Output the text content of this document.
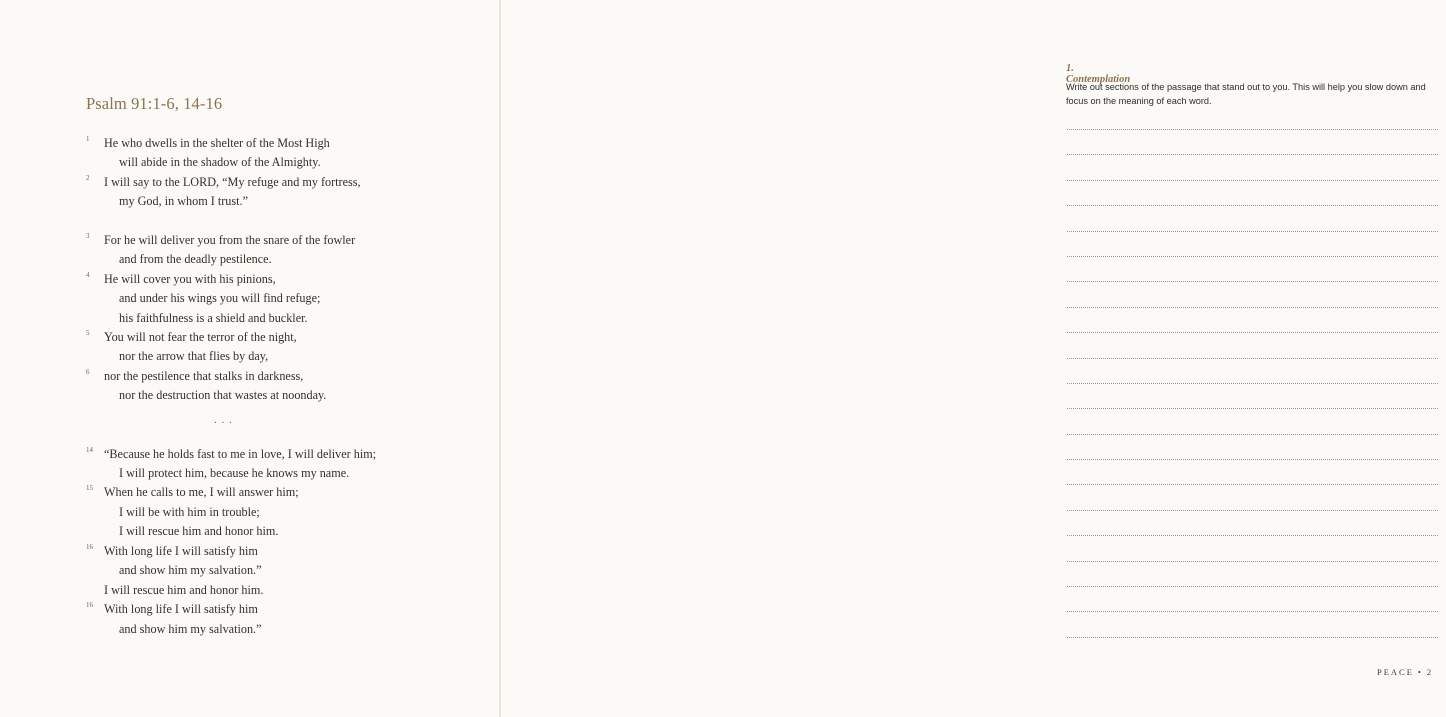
Psalm 91:1-6, 14-16
1 He who dwells in the shelter of the Most High
will abide in the shadow of the Almighty.
2 I will say to the LORD, “My refuge and my fortress,
my God, in whom I trust.”
3 For he will deliver you from the snare of the fowler
and from the deadly pestilence.
4 He will cover you with his pinions,
and under his wings you will find refuge;
his faithfulness is a shield and buckler.
5 You will not fear the terror of the night,
nor the arrow that flies by day,
6 nor the pestilence that stalks in darkness,
nor the destruction that wastes at noonday.
. . .
14 “Because he holds fast to me in love, I will deliver him;
I will protect him, because he knows my name.
15 When he calls to me, I will answer him;
I will be with him in trouble;
I will rescue him and honor him.
16 With long life I will satisfy him
and show him my salvation.”
I will rescue him and honor him.
16 With long life I will satisfy him
and show him my salvation.”
1. Contemplation
Write out sections of the passage that stand out to you. This will help you slow down and focus on the meaning of each word.
PEACE • 2
